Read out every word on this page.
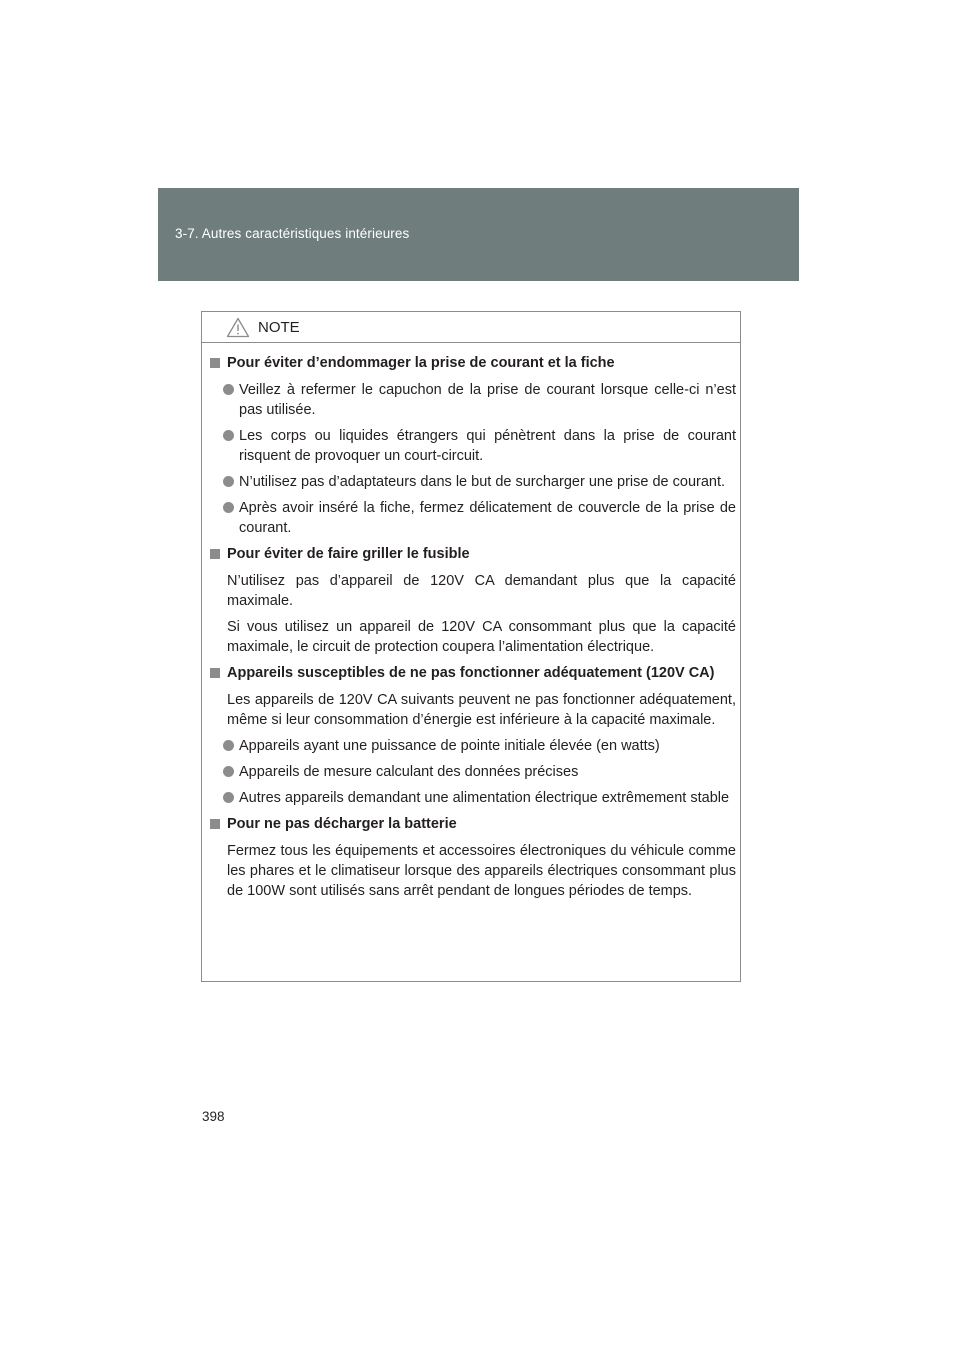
3-7. Autres caractéristiques intérieures
NOTE
Pour éviter d’endommager la prise de courant et la fiche
Veillez à refermer le capuchon de la prise de courant lorsque celle-ci n’est pas utilisée.
Les corps ou liquides étrangers qui pénètrent dans la prise de courant risquent de provoquer un court-circuit.
N’utilisez pas d’adaptateurs dans le but de surcharger une prise de courant.
Après avoir inséré la fiche, fermez délicatement de couvercle de la prise de courant.
Pour éviter de faire griller le fusible
N’utilisez pas d’appareil de 120V CA demandant plus que la capacité maximale.
Si vous utilisez un appareil de 120V CA consommant plus que la capacité maximale, le circuit de protection coupera l’alimentation électrique.
Appareils susceptibles de ne pas fonctionner adéquatement (120V CA)
Les appareils de 120V CA suivants peuvent ne pas fonctionner adéquatement, même si leur consommation d’énergie est inférieure à la capacité maximale.
Appareils ayant une puissance de pointe initiale élevée (en watts)
Appareils de mesure calculant des données précises
Autres appareils demandant une alimentation électrique extrêmement stable
Pour ne pas décharger la batterie
Fermez tous les équipements et accessoires électroniques du véhicule comme les phares et le climatiseur lorsque des appareils électriques consommant plus de 100W sont utilisés sans arrêt pendant de longues périodes de temps.
398
